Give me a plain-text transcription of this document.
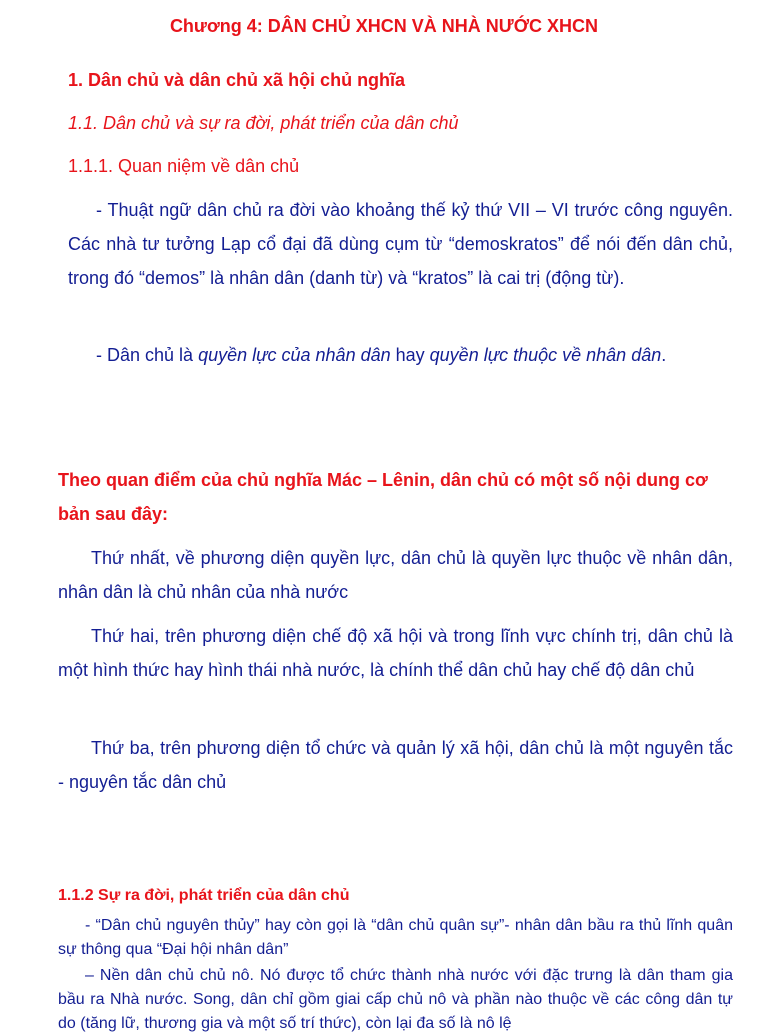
Chương 4: DÂN CHỦ XHCN VÀ NHÀ NƯỚC XHCN
1. Dân chủ và dân chủ xã hội chủ nghĩa
1.1. Dân chủ và sự ra đời, phát triển của dân chủ
1.1.1. Quan niệm về dân chủ

- Thuật ngữ dân chủ ra đời vào khoảng thế kỷ thứ VII – VI trước công nguyên. Các nhà tư tưởng Lạp cổ đại đã dùng cụm từ “demoskratos” để nói đến dân chủ, trong đó “demos” là nhân dân (danh từ) và “kratos” là cai trị (động từ).

- Dân chủ là quyền lực của nhân dân hay quyền lực thuộc về nhân dân.

Theo quan điểm của chủ nghĩa Mác – Lênin, dân chủ có một số nội dung cơ bản sau đây:

Thứ nhất, về phương diện quyền lực, dân chủ là quyền lực thuộc về nhân dân, nhân dân là chủ nhân của nhà nước

Thứ hai, trên phương diện chế độ xã hội và trong lĩnh vực chính trị, dân chủ là một hình thức hay hình thái nhà nước, là chính thể dân chủ hay chế độ dân chủ

Thứ ba, trên phương diện tổ chức và quản lý xã hội, dân chủ là một nguyên tắc - nguyên tắc dân chủ

1.1.2 Sự ra đời, phát triển của dân chủ

- “Dân chủ nguyên thủy” hay còn gọi là “dân chủ quân sự”- nhân dân bầu ra thủ lĩnh quân sự thông qua “Đại hội nhân dân”

– Nền dân chủ chủ nô. Nó được tổ chức thành nhà nước với đặc trưng là dân tham gia bầu ra Nhà nước. Song, dân chỉ gồm giai cấp chủ nô và phần nào thuộc về các công dân tự do (tăng lữ, thương gia và một số trí thức), còn lại đa số là nô lệ
